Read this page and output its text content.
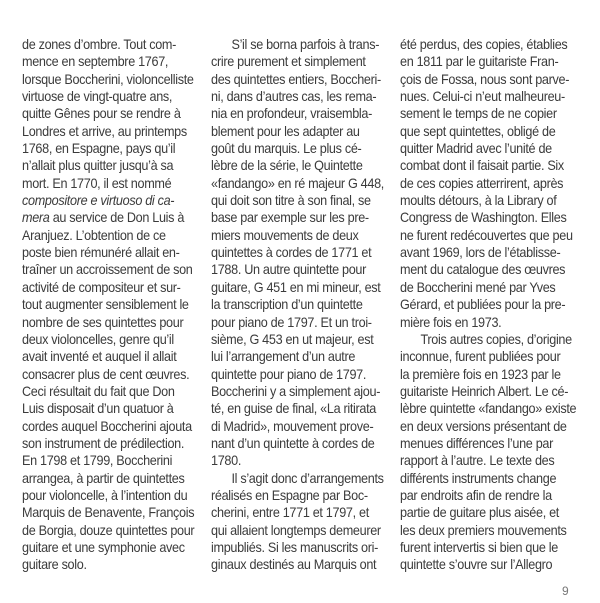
de zones d’ombre. Tout com-
mence en septembre 1767,
lorsque Boccherini, violoncelliste
virtuose de vingt-quatre ans,
quitte Gênes pour se rendre à
Londres et arrive, au printemps
1768, en Espagne, pays qu’il
n’allait plus quitter jusqu’à sa
mort. En 1770, il est nommé
compositore e virtuoso di ca-
mera au service de Don Luis à
Aranjuez. L’obtention de ce
poste bien rémunéré allait en-
traîner un accroissement de son
activité de compositeur et sur-
tout augmenter sensiblement le
nombre de ses quintettes pour
deux violoncelles, genre qu’il
avait inventé et auquel il allait
consacrer plus de cent œuvres.
Ceci résultait du fait que Don
Luis disposait d’un quatuor à
cordes auquel Boccherini ajouta
son instrument de prédilection.
En 1798 et 1799, Boccherini
arrangea, à partir de quintettes
pour violoncelle, à l’intention du
Marquis de Benavente, François
de Borgia, douze quintettes pour
guitare et une symphonie avec
guitare solo.
S’il se borna parfois à trans-
crire purement et simplement
des quintettes entiers, Boccheri-
ni, dans d’autres cas, les rema-
nia en profondeur, vraisembla-
blement pour les adapter au
goût du marquis. Le plus cé-
lèbre de la série, le Quintette
«fandango» en ré majeur G 448,
qui doit son titre à son final, se
base par exemple sur les pre-
miers mouvements de deux
quintettes à cordes de 1771 et
1788. Un autre quintette pour
guitare, G 451 en mi mineur, est
la transcription d’un quintette
pour piano de 1797. Et un troi-
sième, G 453 en ut majeur, est
lui l’arrangement d’un autre
quintette pour piano de 1797.
Boccherini y a simplement ajou-
té, en guise de final, «La ritirata
di Madrid», mouvement prove-
nant d’un quintette à cordes de
1780.
Il s’agit donc d’arrangements
réalisés en Espagne par Boc-
cherini, entre 1771 et 1797, et
qui allaient longtemps demeurer
impubliés. Si les manuscrits ori-
ginaux destinés au Marquis ont
été perdus, des copies, établies
en 1811 par le guitariste Fran-
çois de Fossa, nous sont parve-
nues. Celui-ci n’eut malheureu-
sement le temps de ne copier
que sept quintettes, obligé de
quitter Madrid avec l’unité de
combat dont il faisait partie. Six
de ces copies atterrirent, après
moults détours, à la Library of
Congress de Washington. Elles
ne furent redécouvertes que peu
avant 1969, lors de l’établisse-
ment du catalogue des œuvres
de Boccherini mené par Yves
Gérard, et publiées pour la pre-
mière fois en 1973.
Trois autres copies, d’origine
inconnue, furent publiées pour
la première fois en 1923 par le
guitariste Heinrich Albert. Le cé-
lèbre quintette «fandango» existe
en deux versions présentant de
menues différences l’une par
rapport à l’autre. Le texte des
différents instruments change
par endroits afin de rendre la
partie de guitare plus aisée, et
les deux premiers mouvements
furent intervertis si bien que le
quintette s’ouvre sur l’Allegro
9
